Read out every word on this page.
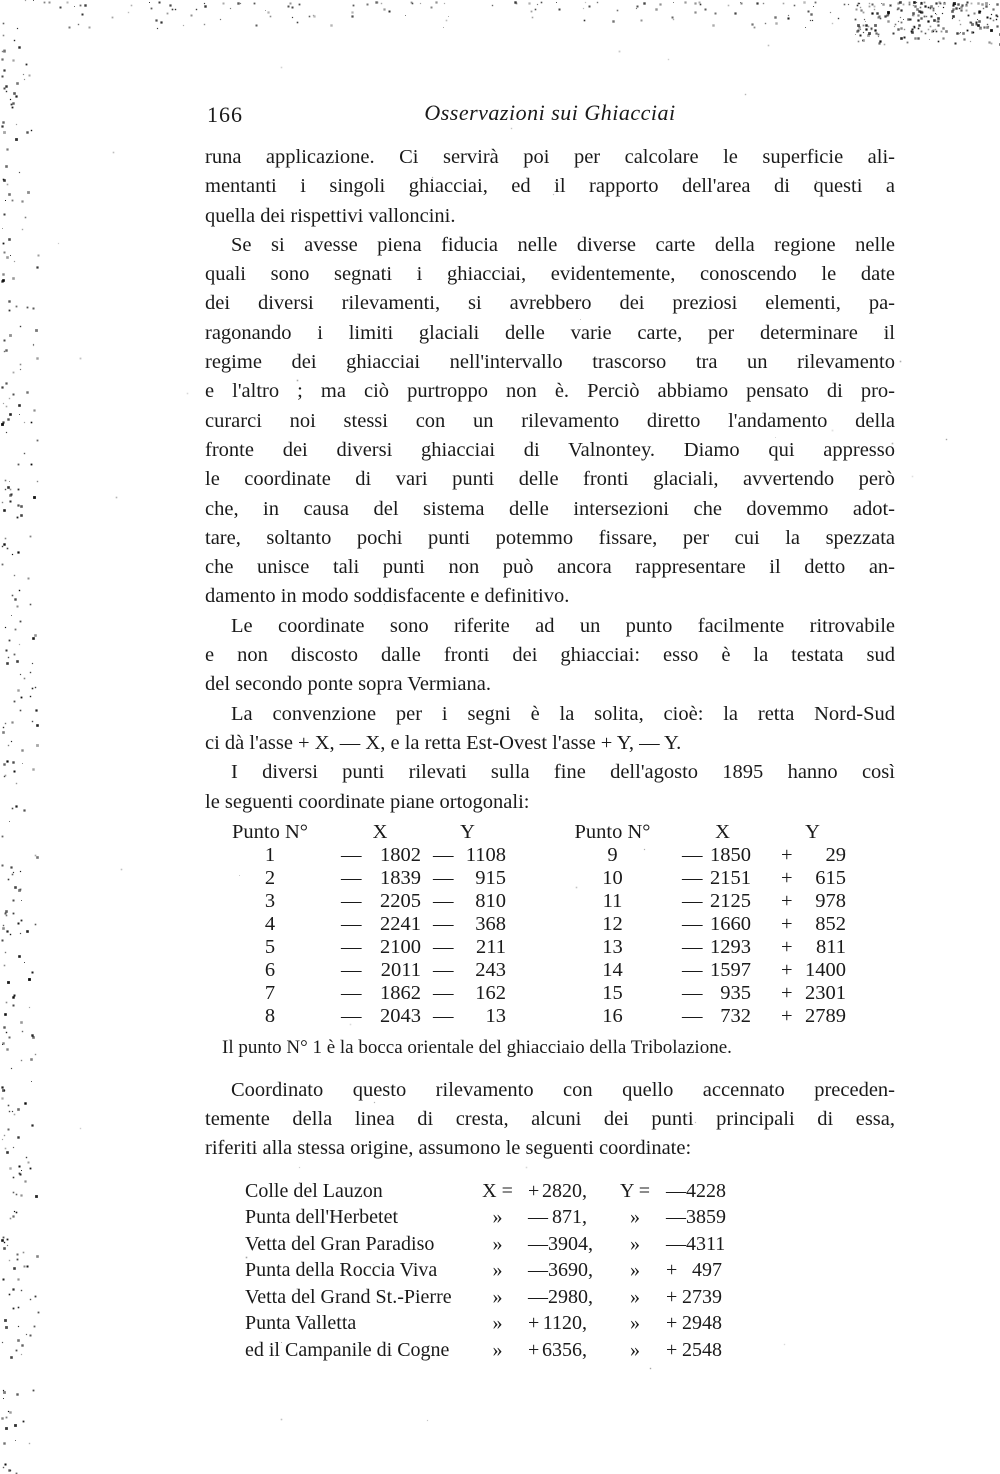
166	Osservazioni sui Ghiacciai
runa applicazione. Ci servirà poi per calcolare le superficie ali-
mentanti i singoli ghiacciai, ed il rapporto dell'area di questi a
quella dei rispettivi valloncini.
Se si avesse piena fiducia nelle diverse carte della regione nelle
quali sono segnati i ghiacciai, evidentemente, conoscendo le date
dei diversi rilevamenti, si avrebbero dei preziosi elementi, pa-
ragonando i limiti glaciali delle varie carte, per determinare il
regime dei ghiacciai nell'intervallo trascorso tra un rilevamento
e l'altro ; ma ciò purtroppo non è. Perciò abbiamo pensato di pro-
curarci noi stessi con un rilevamento diretto l'andamento della
fronte dei diversi ghiacciai di Valnontey. Diamo qui appresso
le coordinate di vari punti delle fronti glaciali, avvertendo però
che, in causa del sistema delle intersezioni che dovemmo adot-
tare, soltanto pochi punti potemmo fissare, per cui la spezzata
che unisce tali punti non può ancora rappresentare il detto an-
damento in modo soddisfacente e definitivo.
Le coordinate sono riferite ad un punto facilmente ritrovabile
e non discosto dalle fronti dei ghiacciai: esso è la testata sud
del secondo ponte sopra Vermiana.
La convenzione per i segni è la solita, cioè: la retta Nord-Sud
ci dà l'asse + X, — X, e la retta Est-Ovest l'asse + Y, — Y.
I diversi punti rilevati sulla fine dell'agosto 1895 hanno così
le seguenti coordinate piane ortogonali:
Punto N°	X	Y	Punto N°	X	Y
1	— 1802 — 1108	9	— 1850 + 29
2	— 1839 — 915	10	— 2151 + 615
3	— 2205 — 810	11	— 2125 + 978
4	— 2241 — 368	12	— 1660 + 852
5	— 2100 — 211	13	— 1293 + 811
6	— 2011 — 243	14	— 1597 + 1400
7	— 1862 — 162	15	— 935 + 2301
8	— 2043 — 13	16	— 732 + 2789
Il punto N° 1 è la bocca orientale del ghiacciaio della Tribolazione.
Coordinato questo rilevamento con quello accennato preceden-
temente della linea di cresta, alcuni dei punti principali di essa,
riferiti alla stessa origine, assumono le seguenti coordinate:
Colle del Lauzon	X = + 2820,	Y = — 4228
Punta dell'Herbetet	»	— 871,	»	— 3859
Vetta del Gran Paradiso	»	— 3904,	»	— 4311
Punta della Roccia Viva	»	— 3690,	»	+ 497
Vetta del Grand St.-Pierre	»	— 2980,	»	+ 2739
Punta Valletta	»	+ 1120,	»	+ 2948
ed il Campanile di Cogne	»	+ 6356,	»	+ 2548
